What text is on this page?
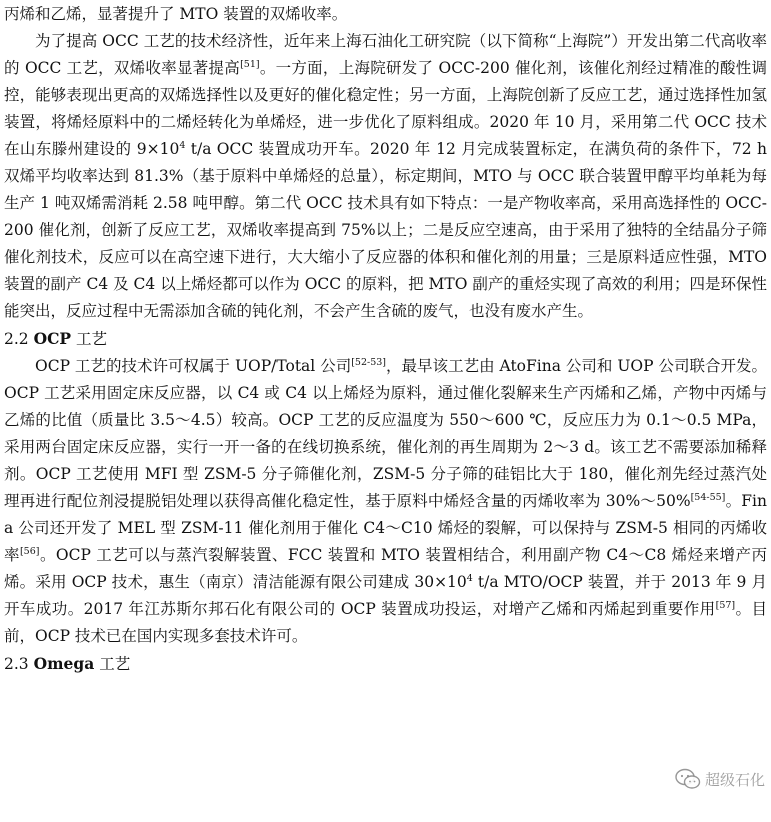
丙烯和乙烯，显著提升了 MTO 装置的双烯收率。

为了提高 OCC 工艺的技术经济性，近年来上海石油化工研究院（以下简称“上海院”）开发出第二代高收率的 OCC 工艺，双烯收率显著提高[51]。一方面，上海院研发了 OCC-200 催化剂，该催化剂经过精准的酸性调控，能够表现出更高的双烯选择性以及更好的催化稳定性；另一方面，上海院创新了反应工艺，通过选择性加氢装置，将烯烃原料中的二烯烃转化为单烯烃，进一步优化了原料组成。2020 年 10 月，采用第二代 OCC 技术在山东滕州建设的 $9\times 10^4$ t/a OCC 装置成功开车。2020 年 12 月完成装置标定，在满负荷的条件下，72 h 双烯平均收率达到 81.3%（基于原料中单烯烃的总量），标定期间，MTO 与 OCC 联合装置甲醇平均单耗为每生产 1 吨双烯需消耗 2.58 吨甲醇。第二代 OCC 技术具有如下特点：一是产物收率高，采用高选择性的 OCC-200 催化剂，创新了反应工艺，双烯收率提高到 75%以上；二是反应空速高，由于采用了独特的全结晶分子筛催化剂技术，反应可以在高空速下进行，大大缩小了反应器的体积和催化剂的用量；三是原料适应性强，MTO 装置的副产 C4 及 C4 以上烯烃都可以作为 OCC 的原料，把 MTO 副产的重烃实现了高效的利用；四是环保性能突出，反应过程中无需添加含硫的钝化剂，不会产生含硫的废气，也没有废水产生。

2.2 OCP 工艺

OCP 工艺的技术许可权属于 UOP/Total 公司[52-53]，最早该工艺由 AtoFina 公司和 UOP 公司联合开发。OCP 工艺采用固定床反应器，以 C4 或 C4 以上烯烃为原料，通过催化裂解来生产丙烯和乙烯，产物中丙烯与乙烯的比值（质量比 3.5～4.5）较高。OCP 工艺的反应温度为 550～600 ℃，反应压力为 0.1～0.5 MPa，采用两台固定床反应器，实行一开一备的在线切换系统，催化剂的再生周期为 2～3 d。该工艺不需要添加稀释剂。OCP 工艺使用 MFI 型 ZSM-5 分子筛催化剂，ZSM-5 分子筛的硅铝比大于 180，催化剂先经过蒸汽处理再进行配位剂浸提脱铝处理以获得高催化稳定性，基于原料中烯烃含量的丙烯收率为 30%～50%[54-55]。Fina 公司还开发了 MEL 型 ZSM-11 催化剂用于催化 C4～C10 烯烃的裂解，可以保持与 ZSM-5 相同的丙烯收率[56]。OCP 工艺可以与蒸汽裂解装置、FCC 装置和 MTO 装置相结合，利用副产物 C4～C8 烯烃来增产丙烯。采用 OCP 技术，惠生（南京）清洁能源有限公司建成 $30\times 10^4$ t/a MTO/OCP 装置，并于 2013 年 9 月开车成功。2017 年江苏斯尔邦石化有限公司的 OCP 装置成功投运，对增产乙烯和丙烯起到重要作用[57]。目前，OCP 技术已在国内实现多套技术许可。

2.3 Omega 工艺
超级石化
